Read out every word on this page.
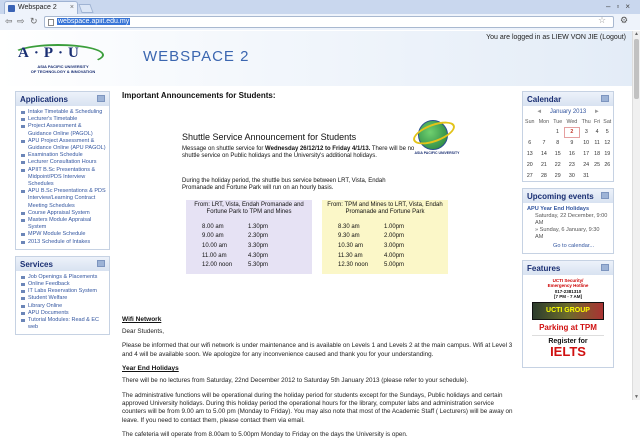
Webspace 2 ×	–▫×
⇦ ⇨ ↻	webspace.apiit.edu.my	☆ ⚙
A·P·U
ASIA PACIFIC UNIVERSITY
OF TECHNOLOGY & INNOVATION
WEBSPACE 2
You are logged in as LIEW VON JIE (Logout)
Applications
Intake Timetable & Scheduling
Lecturer's Timetable
Project Assessment & Guidance Online (PAGOL)
APU Project Assessment & Guidance Online (APU PAGOL)
Examination Schedule
Lecturer Consultation Hours
APIIT B.Sc Presentations & Midpoint/PDS Interview Schedules
APU B.Sc Presentations & PDS Interview/Learning Contract Meeting Schedules
Course Appraisal System
Masters Module Appraisal System
MPW Module Schedule
2013 Schedule of Intakes
Services
Job Openings & Placements
Online Feedback
IT Labs Reservation System
Student Welfare
Library Online
APU Documents
Tutorial Modules: Read & EC web
Important Announcements for Students:
Shuttle Service Announcement for Students
Message on shuttle service for Wednesday 26/12/12 to Friday 4/1/13. There will be no shuttle service on Public holidays and the University's additional holidays.
During the holiday period, the shuttle bus service between LRT, Vista, Endah Promanade and Fortune Park will run on an hourly basis.
ASIA PACIFIC UNIVERSITY
From: LRT, Vista, Endah Promanade and Fortune Park to TPM and Mines
8.00 am	1.30pm
9.00 am	2.30pm
10.00 am	3.30pm
11.00 am	4.30pm
12.00 noon	5.30pm
From: TPM and Mines to LRT, Vista, Endah Promanade and Fortune Park
8.30 am	1.00pm
9.30 am	2.00pm
10.30 am	3.00pm
11.30 am	4.00pm
12.30 noon	5.00pm
Wifi Network

Dear Students,

Please be informed that our wifi network is under maintenance and is available on Levels 1 and Levels 2 at the main campus. Wifi at Level 3 and 4 will be available soon. We apologize for any inconvenience caused and thank you for your understanding.

Year End Holidays

There will be no lectures from Saturday, 22nd December 2012 to Saturday 5th January 2013 (please refer to your schedule).

The administrative functions will be operational during the holiday period for students except for the Sundays, Public holidays and certain approved University holidays. During this holiday period the operational hours for the library, computer labs and administration service counters will be from 9.00 am to 5.00 pm (Monday to Friday). You may also note that most of the Academic Staff ( Lecturers) will be away on leave. If you need to contact them, please contact them via email.

The cafeteria will operate from 8.00am to 5.00pm Monday to Friday on the days the University is open.

Calendar
◄ January 2013 ►
Sun	Mon	Tue	Wed	Thu	Fri	Sat
		1	2	3	4	5
6	7	8	9	10	11	12
13	14	15	16	17	18	19
20	21	22	23	24	25	26
27	28	29	30	31		
Upcoming events
APU Year End Holidays
Saturday, 22 December, 9:00 AM
» Sunday, 6 January, 9:30 AM
Go to calendar...
Features
UCTI Security/
Emergency Hotline
017-2381310
[7 PM - 7 AM]
UCTI GROUP
Parking at TPM
Register for
IELTS
▲
▼
